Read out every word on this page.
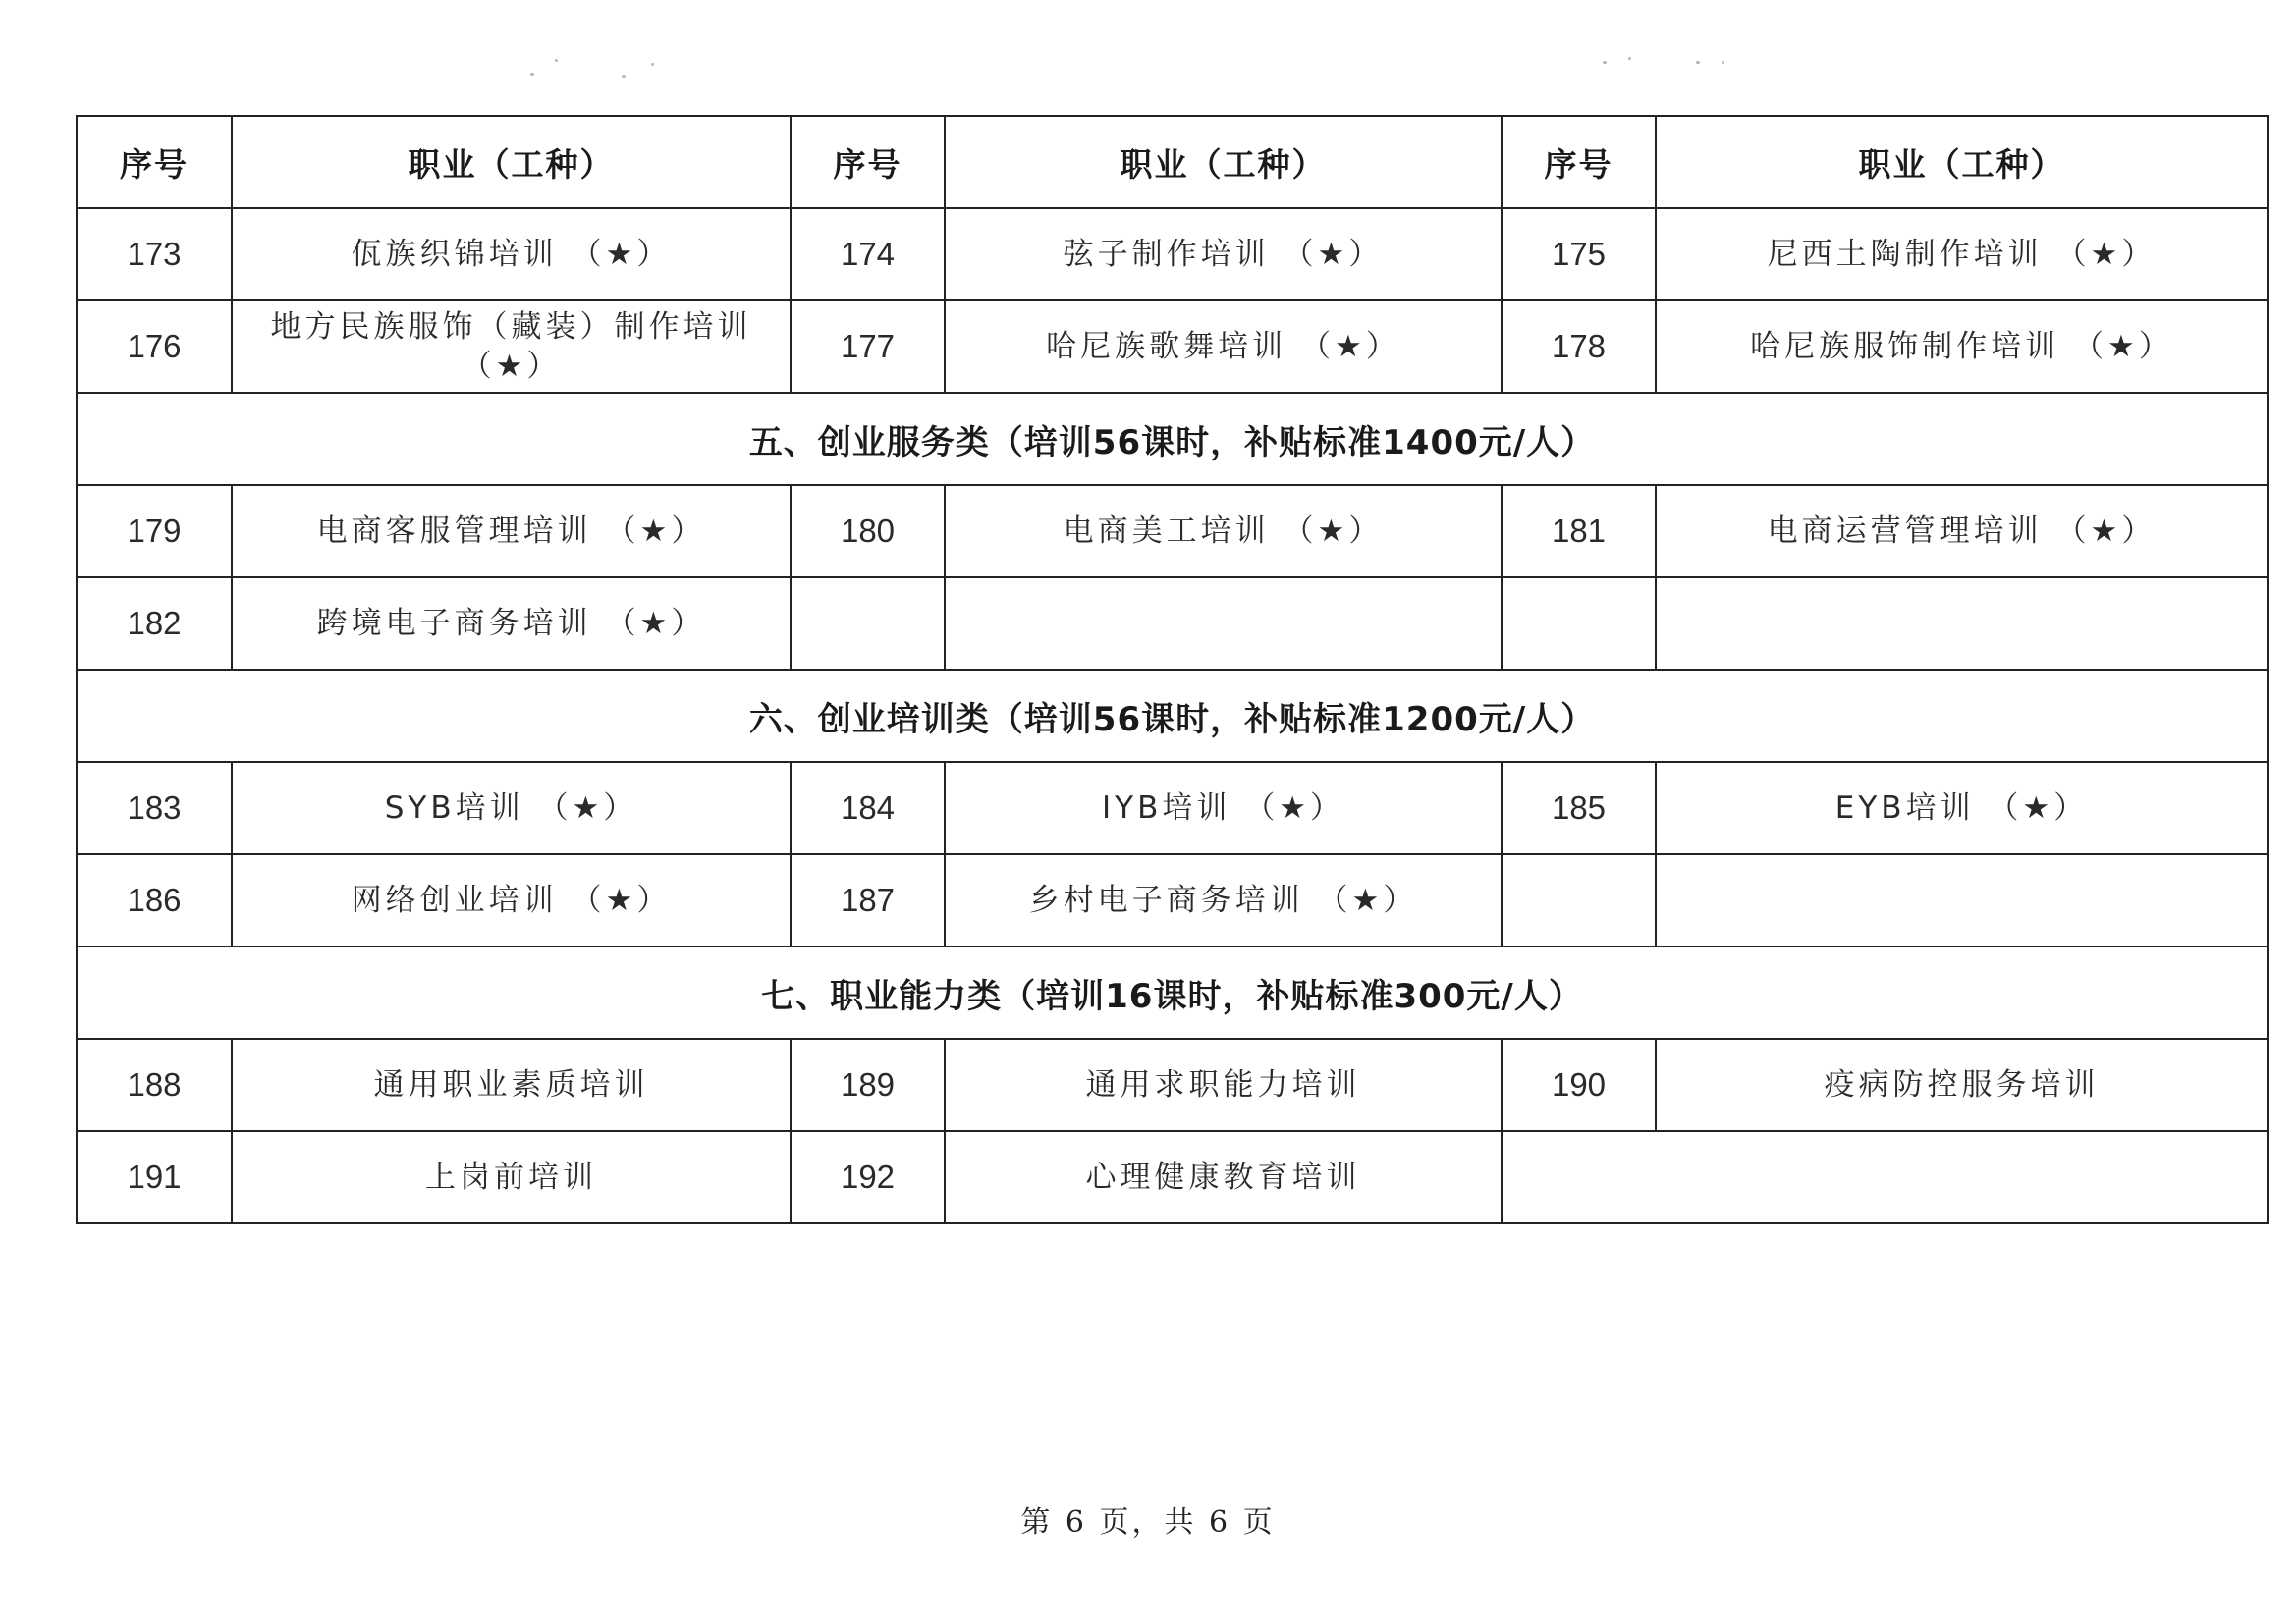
序号	职业（工种）	序号	职业（工种）	序号	职业（工种）
173	佤族织锦培训 （★）	174	弦子制作培训 （★）	175	尼西土陶制作培训 （★）
176	地方民族服饰（藏装）制作培训（★）	177	哈尼族歌舞培训 （★）	178	哈尼族服饰制作培训 （★）
五、创业服务类（培训56课时，补贴标准1400元/人）					
179	电商客服管理培训 （★）	180	电商美工培训 （★）	181	电商运营管理培训 （★）
182	跨境电子商务培训 （★）				
六、创业培训类（培训56课时，补贴标准1200元/人）					
183	SYB培训 （★）	184	IYB培训 （★）	185	EYB培训 （★）
186	网络创业培训 （★）	187	乡村电子商务培训 （★）		
七、职业能力类（培训16课时，补贴标准300元/人）					
188	通用职业素质培训	189	通用求职能力培训	190	疫病防控服务培训
191	上岗前培训	192	心理健康教育培训		
第 6 页，共 6 页
